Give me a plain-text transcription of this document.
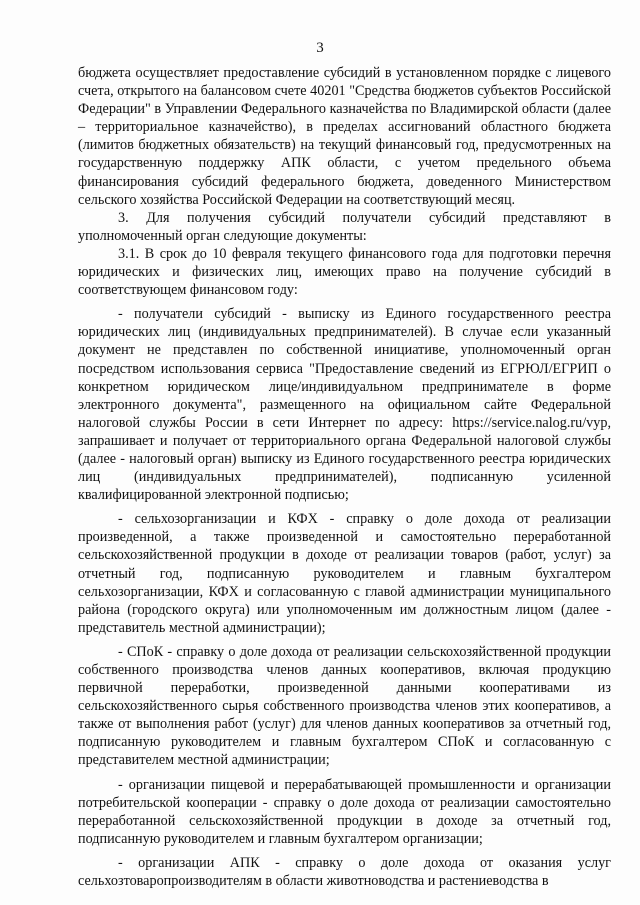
3

бюджета осуществляет предоставление субсидий в установленном порядке с лицевого счета, открытого на балансовом счете 40201 "Средства бюджетов субъектов Российской Федерации" в Управлении Федерального казначейства по Владимирской области (далее – территориальное казначейство), в пределах ассигнований областного бюджета (лимитов бюджетных обязательств) на текущий финансовый год, предусмотренных на государственную поддержку АПК области, с учетом предельного объема финансирования субсидий федерального бюджета, доведенного Министерством сельского хозяйства Российской Федерации на соответствующий месяц.

3. Для получения субсидий получатели субсидий представляют в уполномоченный орган следующие документы:

3.1. В срок до 10 февраля текущего финансового года для подготовки перечня юридических и физических лиц, имеющих право на получение субсидий в соответствующем финансовом году:

- получатели субсидий - выписку из Единого государственного реестра юридических лиц (индивидуальных предпринимателей). В случае если указанный документ не представлен по собственной инициативе, уполномоченный орган посредством использования сервиса "Предоставление сведений из ЕГРЮЛ/ЕГРИП о конкретном юридическом лице/индивидуальном предпринимателе в форме электронного документа", размещенного на официальном сайте Федеральной налоговой службы России в сети Интернет по адресу: https://service.nalog.ru/vyp, запрашивает и получает от территориального органа Федеральной налоговой службы (далее - налоговый орган) выписку из Единого государственного реестра юридических лиц (индивидуальных предпринимателей), подписанную усиленной квалифицированной электронной подписью;

- сельхозорганизации и КФХ - справку о доле дохода от реализации произведенной, а также произведенной и самостоятельно переработанной сельскохозяйственной продукции в доходе от реализации товаров (работ, услуг) за отчетный год, подписанную руководителем и главным бухгалтером сельхозорганизации, КФХ и согласованную с главой администрации муниципального района (городского округа) или уполномоченным им должностным лицом (далее - представитель местной администрации);

- СПоК - справку о доле дохода от реализации сельскохозяйственной продукции собственного производства членов данных кооперативов, включая продукцию первичной переработки, произведенной данными кооперативами из сельскохозяйственного сырья собственного производства членов этих кооперативов, а также от выполнения работ (услуг) для членов данных кооперативов за отчетный год, подписанную руководителем и главным бухгалтером СПоК и согласованную с представителем местной администрации;

- организации пищевой и перерабатывающей промышленности и организации потребительской кооперации - справку о доле дохода от реализации самостоятельно переработанной сельскохозяйственной продукции в доходе за отчетный год, подписанную руководителем и главным бухгалтером организации;

- организации АПК - справку о доле дохода от оказания услуг сельхозтоваропроизводителям в области животноводства и растениеводства в
